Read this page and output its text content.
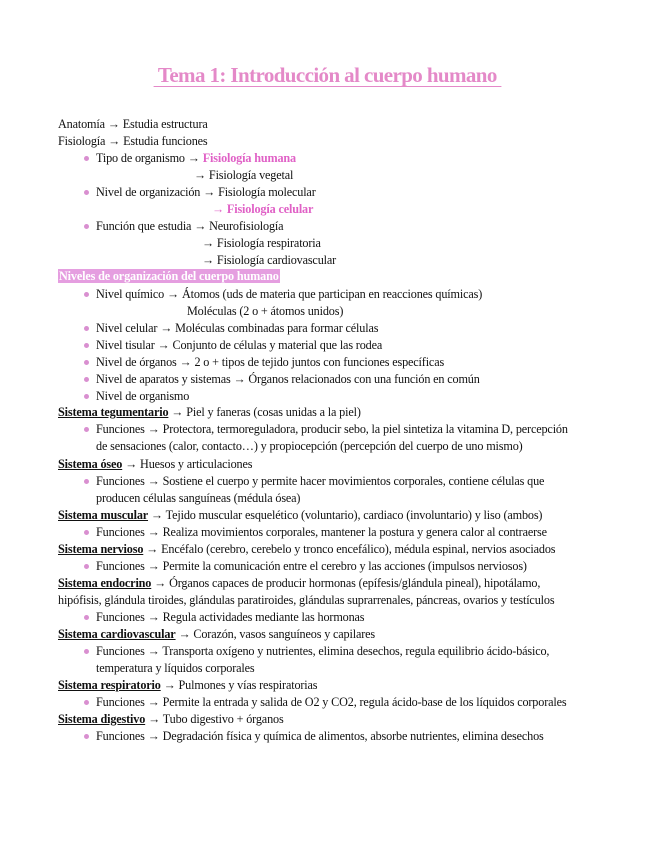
Tema 1: Introducción al cuerpo humano
Anatomía → Estudia estructura
Fisiología → Estudia funciones
Tipo de organismo → Fisiología humana
→ Fisiología vegetal
Nivel de organización → Fisiología molecular
→ Fisiología celular
Función que estudia → Neurofisiología
→ Fisiología respiratoria
→ Fisiología cardiovascular
Niveles de organización del cuerpo humano
Nivel químico → Átomos (uds de materia que participan en reacciones químicas)
Moléculas (2 o + átomos unidos)
Nivel celular → Moléculas combinadas para formar células
Nivel tisular → Conjunto de células y material que las rodea
Nivel de órganos → 2 o + tipos de tejido juntos con funciones específicas
Nivel de aparatos y sistemas → Órganos relacionados con una función en común
Nivel de organismo
Sistema tegumentario → Piel y faneras (cosas unidas a la piel)
Funciones → Protectora, termoreguladora, producir sebo, la piel sintetiza la vitamina D, percepción
de sensaciones (calor, contacto…) y propiocepción (percepción del cuerpo de uno mismo)
Sistema óseo → Huesos y articulaciones
Funciones → Sostiene el cuerpo y permite hacer movimientos corporales, contiene células que
producen células sanguíneas (médula ósea)
Sistema muscular → Tejido muscular esquelético (voluntario), cardiaco (involuntario) y liso (ambos)
Funciones → Realiza movimientos corporales, mantener la postura y genera calor al contraerse
Sistema nervioso → Encéfalo (cerebro, cerebelo y tronco encefálico), médula espinal, nervios asociados
Funciones → Permite la comunicación entre el cerebro y las acciones (impulsos nerviosos)
Sistema endocrino → Órganos capaces de producir hormonas (epífesis/glándula pineal), hipotálamo,
hipófisis, glándula tiroides, glándulas paratiroides, glándulas suprarrenales, páncreas, ovarios y testículos
Funciones → Regula actividades mediante las hormonas
Sistema cardiovascular → Corazón, vasos sanguíneos y capilares
Funciones → Transporta oxígeno y nutrientes, elimina desechos, regula equilibrio ácido-básico,
temperatura y líquidos corporales
Sistema respiratorio → Pulmones y vías respiratorias
Funciones → Permite la entrada y salida de O2 y CO2, regula ácido-base de los líquidos corporales
Sistema digestivo → Tubo digestivo + órganos
Funciones → Degradación física y química de alimentos, absorbe nutrientes, elimina desechos
